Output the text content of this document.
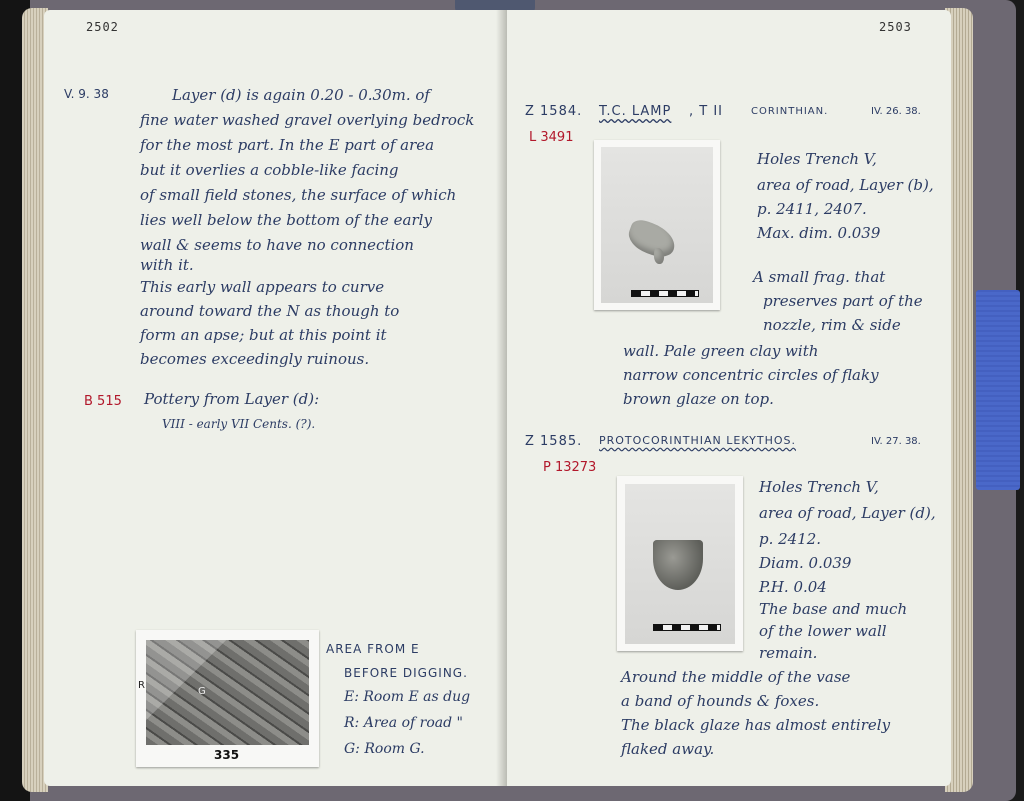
2502
V. 9. 38	Layer (d) is again 0.20 - 0.30m. of
fine water washed gravel overlying bedrock
for the most part. In the E part of area
but it overlies a cobble-like facing
of small field stones, the surface of which
lies well below the bottom of the early
wall & seems to have no connection
with it.
This early wall appears to curve
around toward the N as though to
form an apse; but at this point it
becomes exceedingly ruinous.
B 515 Pottery from Layer (d):
VIII - early VII Cents. (?).
R
G
335
AREA FROM E
BEFORE DIGGING.
E: Room E as dug
R: Area of road "
G: Room G.
2503
Z 1584. T.C. LAMP , T II	CORINTHIAN.	IV. 26. 38.
L 3491
Holes Trench V,
area of road, Layer (b),
p. 2411, 2407.
Max. dim. 0.039
A small frag. that
preserves part of the
nozzle, rim & side
wall. Pale green clay with
narrow concentric circles of flaky
brown glaze on top.
Z 1585. PROTOCORINTHIAN LEKYTHOS.	IV. 27. 38.
P 13273
Holes Trench V,
area of road, Layer (d),
p. 2412.
Diam. 0.039
P.H. 0.04
The base and much
of the lower wall
remain.
Around the middle of the vase
a band of hounds & foxes.
The black glaze has almost entirely
flaked away.
